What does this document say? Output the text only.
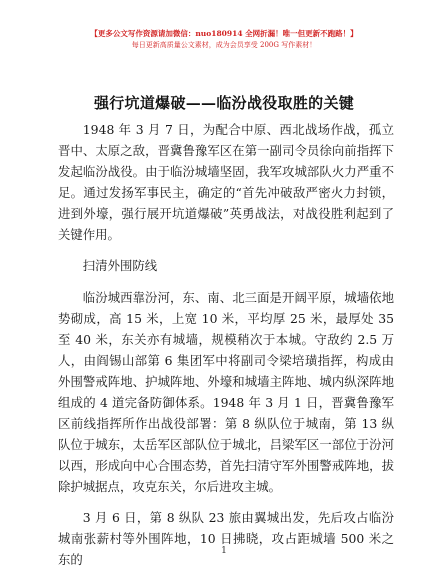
【更多公文写作资源请加微信：nuo180914 全网折漏！唯一但更新不跑路！】
每日更新高质量公文素材，成为会员享受 200G 写作素材！
强行坑道爆破——临汾战役取胜的关键

1948 年 3 月 7 日，为配合中原、西北战场作战，孤立晋中、太原之敌，晋冀鲁豫军区在第一副司令员徐向前指挥下发起临汾战役。由于临汾城墙坚固，我军攻城部队火力严重不足。通过发扬军事民主，确定的“首先冲破敌严密火力封锁，进到外壕，强行展开坑道爆破”英勇战法，对战役胜利起到了关键作用。

扫清外围防线

临汾城西靠汾河，东、南、北三面是开阔平原，城墙依地势砌成，高 15 米，上宽 10 米，平均厚 25 米，最厚处 35 至 40 米，东关亦有城墙，规模稍次于本城。守敌约 2.5 万人，由阎锡山部第 6 集团军中将副司令梁培璜指挥，构成由外围警戒阵地、护城阵地、外壕和城墙主阵地、城内纵深阵地组成的 4 道完备防御体系。1948 年 3 月 1 日，晋冀鲁豫军区前线指挥所作出战役部署：第 8 纵队位于城南，第 13 纵队位于城东，太岳军区部队位于城北，吕梁军区一部位于汾河以西，形成向中心合围态势，首先扫清守军外围警戒阵地，拔除护城据点，攻克东关，尔后进攻主城。

3 月 6 日，第 8 纵队 23 旅由翼城出发，先后攻占临汾城南张薪村等外围阵地，10 日拂晓，攻占距城墙 500 米之东的

1
